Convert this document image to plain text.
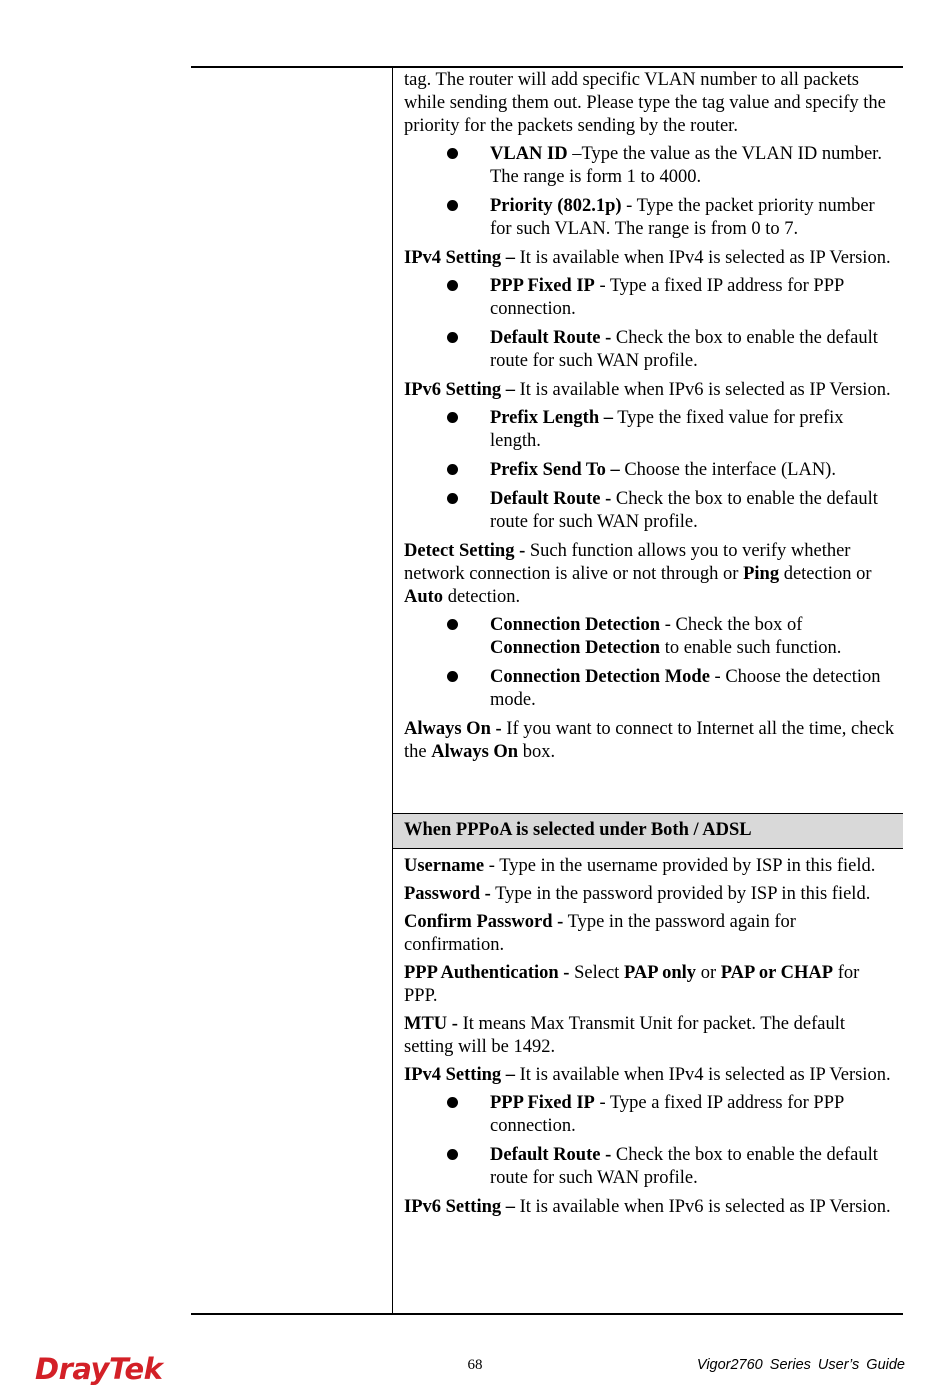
tag. The router will add specific VLAN number to all packets while sending them out. Please type the tag value and specify the priority for the packets sending by the router.

VLAN ID –Type the value as the VLAN ID number. The range is form 1 to 4000.
Priority (802.1p) - Type the packet priority number for such VLAN. The range is from 0 to 7.

IPv4 Setting – It is available when IPv4 is selected as IP Version.

PPP Fixed IP - Type a fixed IP address for PPP connection.
Default Route - Check the box to enable the default route for such WAN profile.

IPv6 Setting – It is available when IPv6 is selected as IP Version.

Prefix Length – Type the fixed value for prefix length.
Prefix Send To – Choose the interface (LAN).
Default Route - Check the box to enable the default route for such WAN profile.

Detect Setting - Such function allows you to verify whether network connection is alive or not through or Ping detection or Auto detection.

Connection Detection - Check the box of Connection Detection to enable such function.
Connection Detection Mode - Choose the detection mode.

Always On - If you want to connect to Internet all the time, check the Always On box.

When PPPoA is selected under Both / ADSL

Username - Type in the username provided by ISP in this field.

Password - Type in the password provided by ISP in this field.

Confirm Password - Type in the password again for confirmation.

PPP Authentication - Select PAP only or PAP or CHAP for PPP.

MTU - It means Max Transmit Unit for packet. The default setting will be 1492.

IPv4 Setting – It is available when IPv4 is selected as IP Version.

PPP Fixed IP - Type a fixed IP address for PPP connection.
Default Route - Check the box to enable the default route for such WAN profile.

IPv6 Setting – It is available when IPv6 is selected as IP Version.

DrayTek	68	Vigor2760 Series User’s Guide
